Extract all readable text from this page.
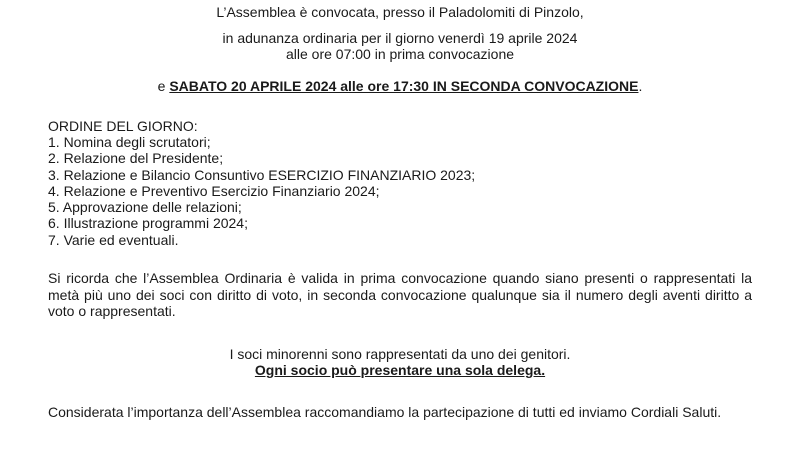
L’Assemblea è convocata, presso il Paladolomiti di Pinzolo,
in adunanza ordinaria per il giorno venerdì 19 aprile 2024
alle ore 07:00 in prima convocazione
e SABATO 20 APRILE 2024 alle ore 17:30 IN SECONDA CONVOCAZIONE.
ORDINE DEL GIORNO:
1. Nomina degli scrutatori;
2. Relazione del Presidente;
3. Relazione e Bilancio Consuntivo ESERCIZIO FINANZIARIO 2023;
4. Relazione e Preventivo Esercizio Finanziario 2024;
5. Approvazione delle relazioni;
6. Illustrazione programmi 2024;
7. Varie ed eventuali.
Si ricorda che l’Assemblea Ordinaria è valida in prima convocazione quando siano presenti o rappresentati la metà più uno dei soci con diritto di voto, in seconda convocazione qualunque sia il numero degli aventi diritto a voto o rappresentati.
I soci minorenni sono rappresentati da uno dei genitori.
Ogni socio può presentare una sola delega.
Considerata l’importanza dell’Assemblea raccomandiamo la partecipazione di tutti ed inviamo Cordiali Saluti.
